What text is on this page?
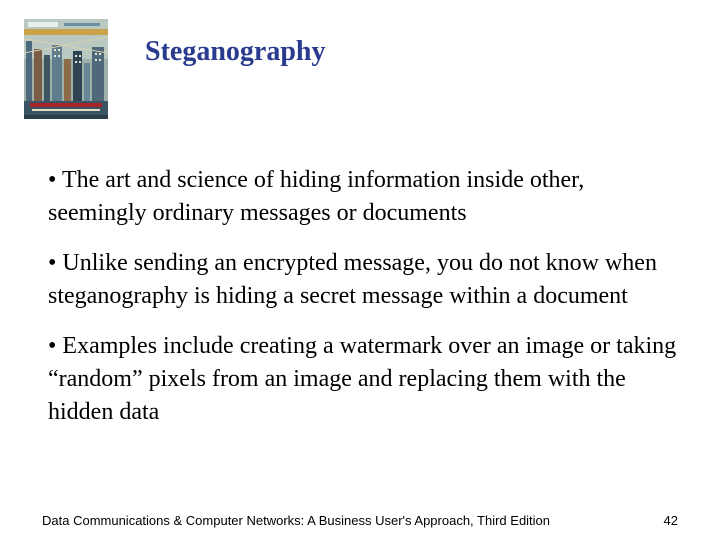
Steganography
• The art and science of hiding information inside other, seemingly ordinary messages or documents
• Unlike sending an encrypted message, you do not know when steganography is hiding a secret message within a document
• Examples include creating a watermark over an image or taking “random” pixels from an image and replacing them with the hidden data
Data Communications & Computer Networks: A Business User's Approach, Third Edition	42
